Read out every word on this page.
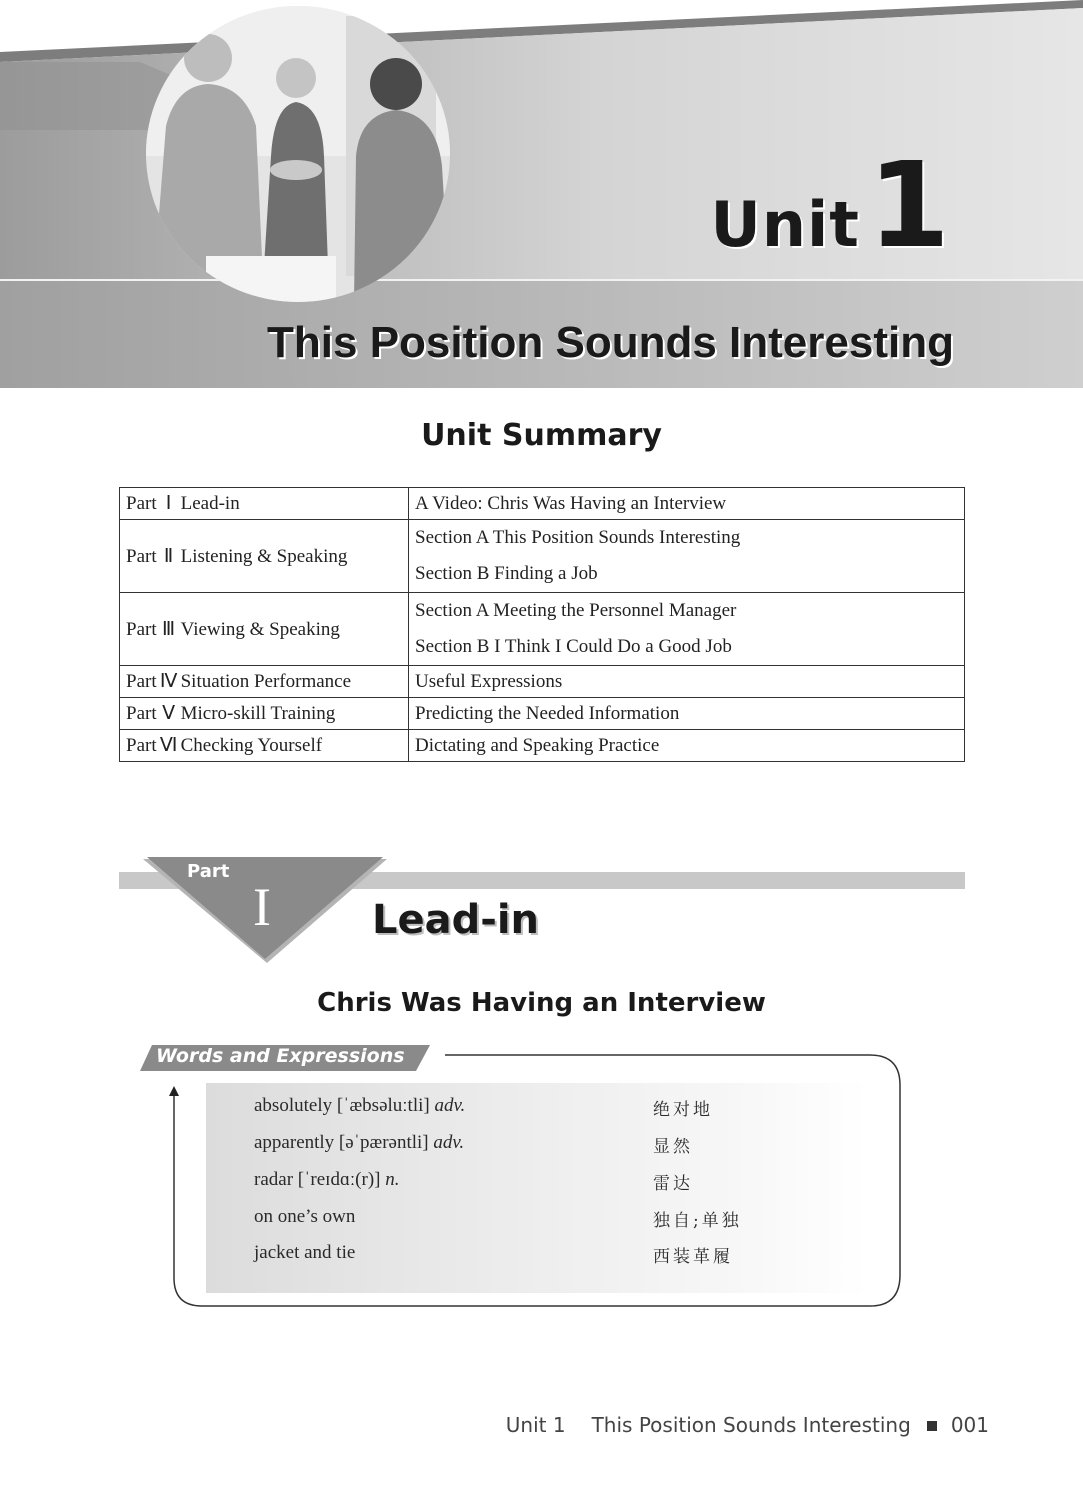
Unit1
This Position Sounds Interesting
Unit Summary
Part Ⅰ Lead-in	A Video: Chris Was Having an Interview
Part Ⅱ Listening & Speaking	Section A This Position Sounds Interesting
Section B Finding a Job

Part Ⅲ Viewing & Speaking	Section A Meeting the Personnel Manager
Section B I Think I Could Do a Good Job

Part Ⅳ Situation Performance	Useful Expressions
Part Ⅴ Micro-skill Training	Predicting the Needed Information
Part Ⅵ Checking Yourself	Dictating and Speaking Practice
Part
I	Lead-in
Chris Was Having an Interview
Words and Expressions
absolutely [ˈæbsəluːtli] adv.	绝对地
apparently [əˈpærəntli] adv.	显然
radar [ˈreɪdɑː(r)] n.	雷达
on one’s own	独自;单独
jacket and tie	西装革履
Unit 1 This Position Sounds Interesting 001
